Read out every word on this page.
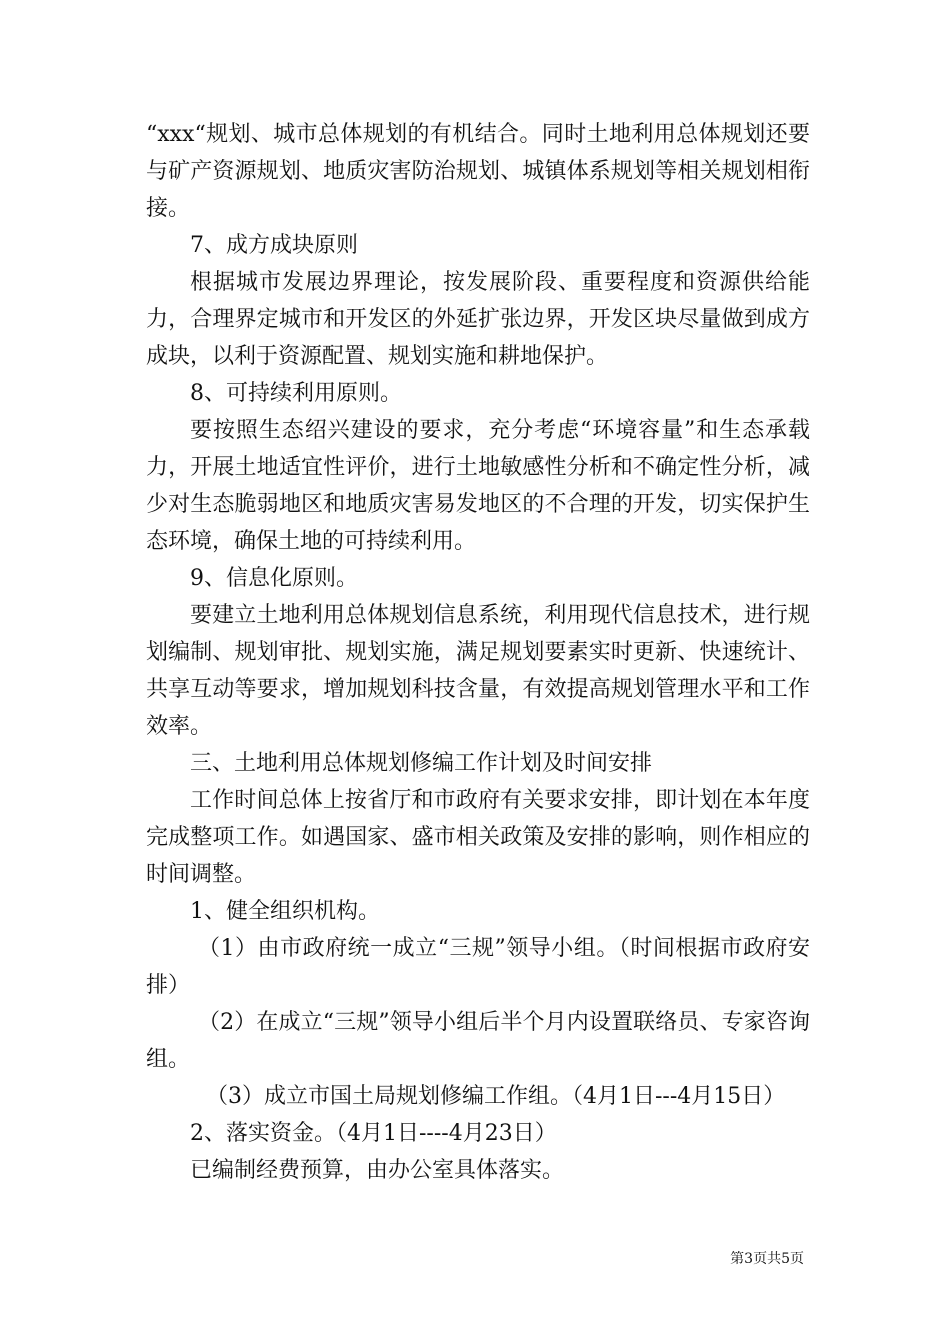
“xxx“规划、城市总体规划的有机结合。同时土地利用总体规划还要与矿产资源规划、地质灾害防治规划、城镇体系规划等相关规划相衔接。

7、成方成块原则

根据城市发展边界理论，按发展阶段、重要程度和资源供给能力，合理界定城市和开发区的外延扩张边界，开发区块尽量做到成方成块，以利于资源配置、规划实施和耕地保护。

8、可持续利用原则。

要按照生态绍兴建设的要求，充分考虑“环境容量”和生态承载力，开展土地适宜性评价，进行土地敏感性分析和不确定性分析，减少对生态脆弱地区和地质灾害易发地区的不合理的开发，切实保护生态环境，确保土地的可持续利用。

9、信息化原则。

要建立土地利用总体规划信息系统，利用现代信息技术，进行规划编制、规划审批、规划实施，满足规划要素实时更新、快速统计、共享互动等要求，增加规划科技含量，有效提高规划管理水平和工作效率。

三、土地利用总体规划修编工作计划及时间安排

工作时间总体上按省厅和市政府有关要求安排，即计划在本年度完成整项工作。如遇国家、盛市相关政策及安排的影响，则作相应的时间调整。

1、健全组织机构。

（1）由市政府统一成立“三规”领导小组。（时间根据市政府安排）

（2）在成立“三规”领导小组后半个月内设置联络员、专家咨询组。

（3）成立市国土局规划修编工作组。（4月1日---4月15日）

2、落实资金。（4月1日----4月23日）

已编制经费预算，由办公室具体落实。

第3页共5页
